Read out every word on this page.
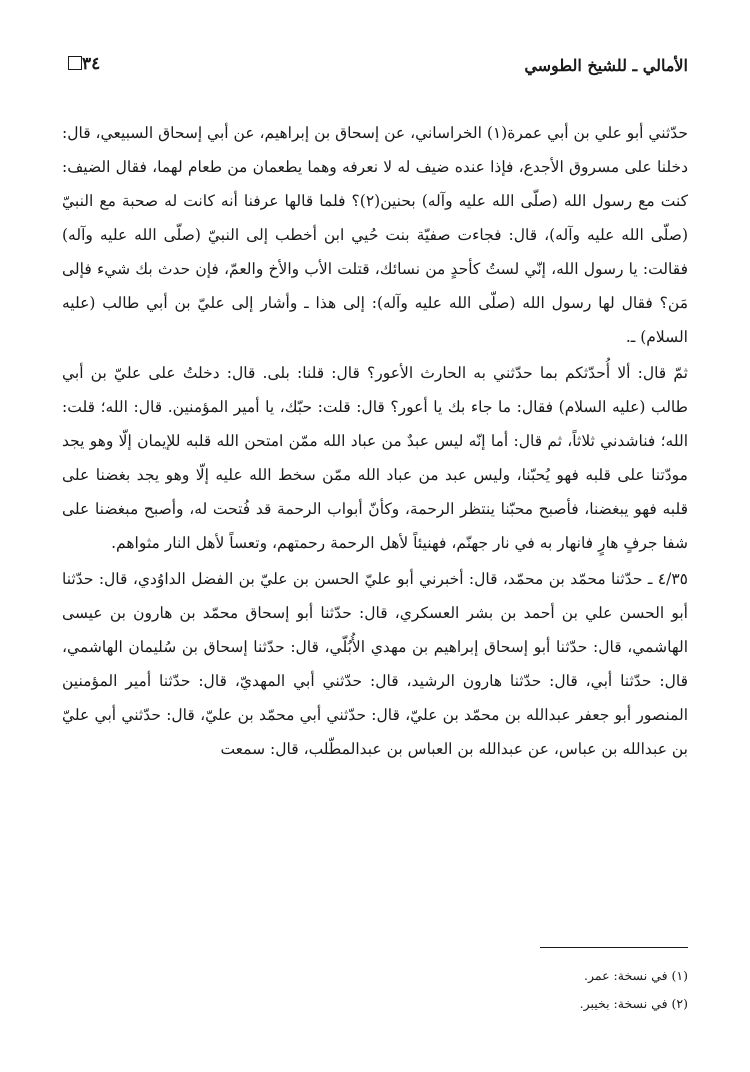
الأمالي ـ للشيخ الطوسي
٣٤

حدّثني أبو علي بن أبي عمرة(١) الخراساني، عن إسحاق بن إبراهيم، عن أبي إسحاق السبيعي، قال: دخلنا على مسروق الأجدع، فإذا عنده ضيف له لا نعرفه وهما يطعمان من طعام لهما، فقال الضيف: كنت مع رسول الله (صلّى الله عليه وآله) بحنين(٢)؟ فلما قالها عرفنا أنه كانت له صحبة مع النبيّ (صلّى الله عليه وآله)، قال: فجاءت صفيّة بنت حُيي ابن أخطب إلى النبيّ (صلّى الله عليه وآله) فقالت: يا رسول الله، إنّي لستُ كأحدٍ من نسائك، قتلت الأب والأخ والعمّ، فإن حدث بك شيء فإلى مَن؟ فقال لها رسول الله (صلّى الله عليه وآله): إلى هذا ـ وأشار إلى عليّ بن أبي طالب (عليه السلام) ـ.

ثمّ قال: ألا أُحدّثكم بما حدّثني به الحارث الأعور؟ قال: قلنا: بلى. قال: دخلتُ على عليّ بن أبي طالب (عليه السلام) فقال: ما جاء بك يا أعور؟ قال: قلت: حبّك، يا أمير المؤمنين. قال: الله؛ قلت: الله؛ فناشدني ثلاثاً، ثم قال: أما إنّه ليس عبدٌ من عباد الله ممّن امتحن الله قلبه للإيمان إلّا وهو يجد مودّتنا على قلبه فهو يُحبّنا، وليس عبد من عباد الله ممّن سخط الله عليه إلّا وهو يجد بغضنا على قلبه فهو يبغضنا، فأصبح محبّنا ينتظر الرحمة، وكأنّ أبواب الرحمة قد فُتحت له، وأصبح مبغضنا على شفا جرفٍ هارٍ فانهار به في نار جهنّم، فهنيئاً لأهل الرحمة رحمتهم، وتعساً لأهل النار مثواهم.

٤/٣٥ ـ حدّثنا محمّد بن محمّد، قال: أخبرني أبو عليّ الحسن بن عليّ بن الفضل الداوُدي، قال: حدّثنا أبو الحسن علي بن أحمد بن بشر العسكري، قال: حدّثنا أبو إسحاق محمّد بن هارون بن عيسى الهاشمي، قال: حدّثنا أبو إسحاق إبراهيم بن مهدي الأُبُلّي، قال: حدّثنا إسحاق بن سُليمان الهاشمي، قال: حدّثنا أبي، قال: حدّثنا هارون الرشيد، قال: حدّثني أبي المهديّ، قال: حدّثنا أمير المؤمنين المنصور أبو جعفر عبدالله بن محمّد بن عليّ، قال: حدّثني أبي محمّد بن عليّ، قال: حدّثني أبي عليّ بن عبدالله بن عباس، عن عبدالله بن العباس بن عبدالمطّلب، قال: سمعت

(١) في نسخة: عمر.
(٢) في نسخة: بخيبر.
